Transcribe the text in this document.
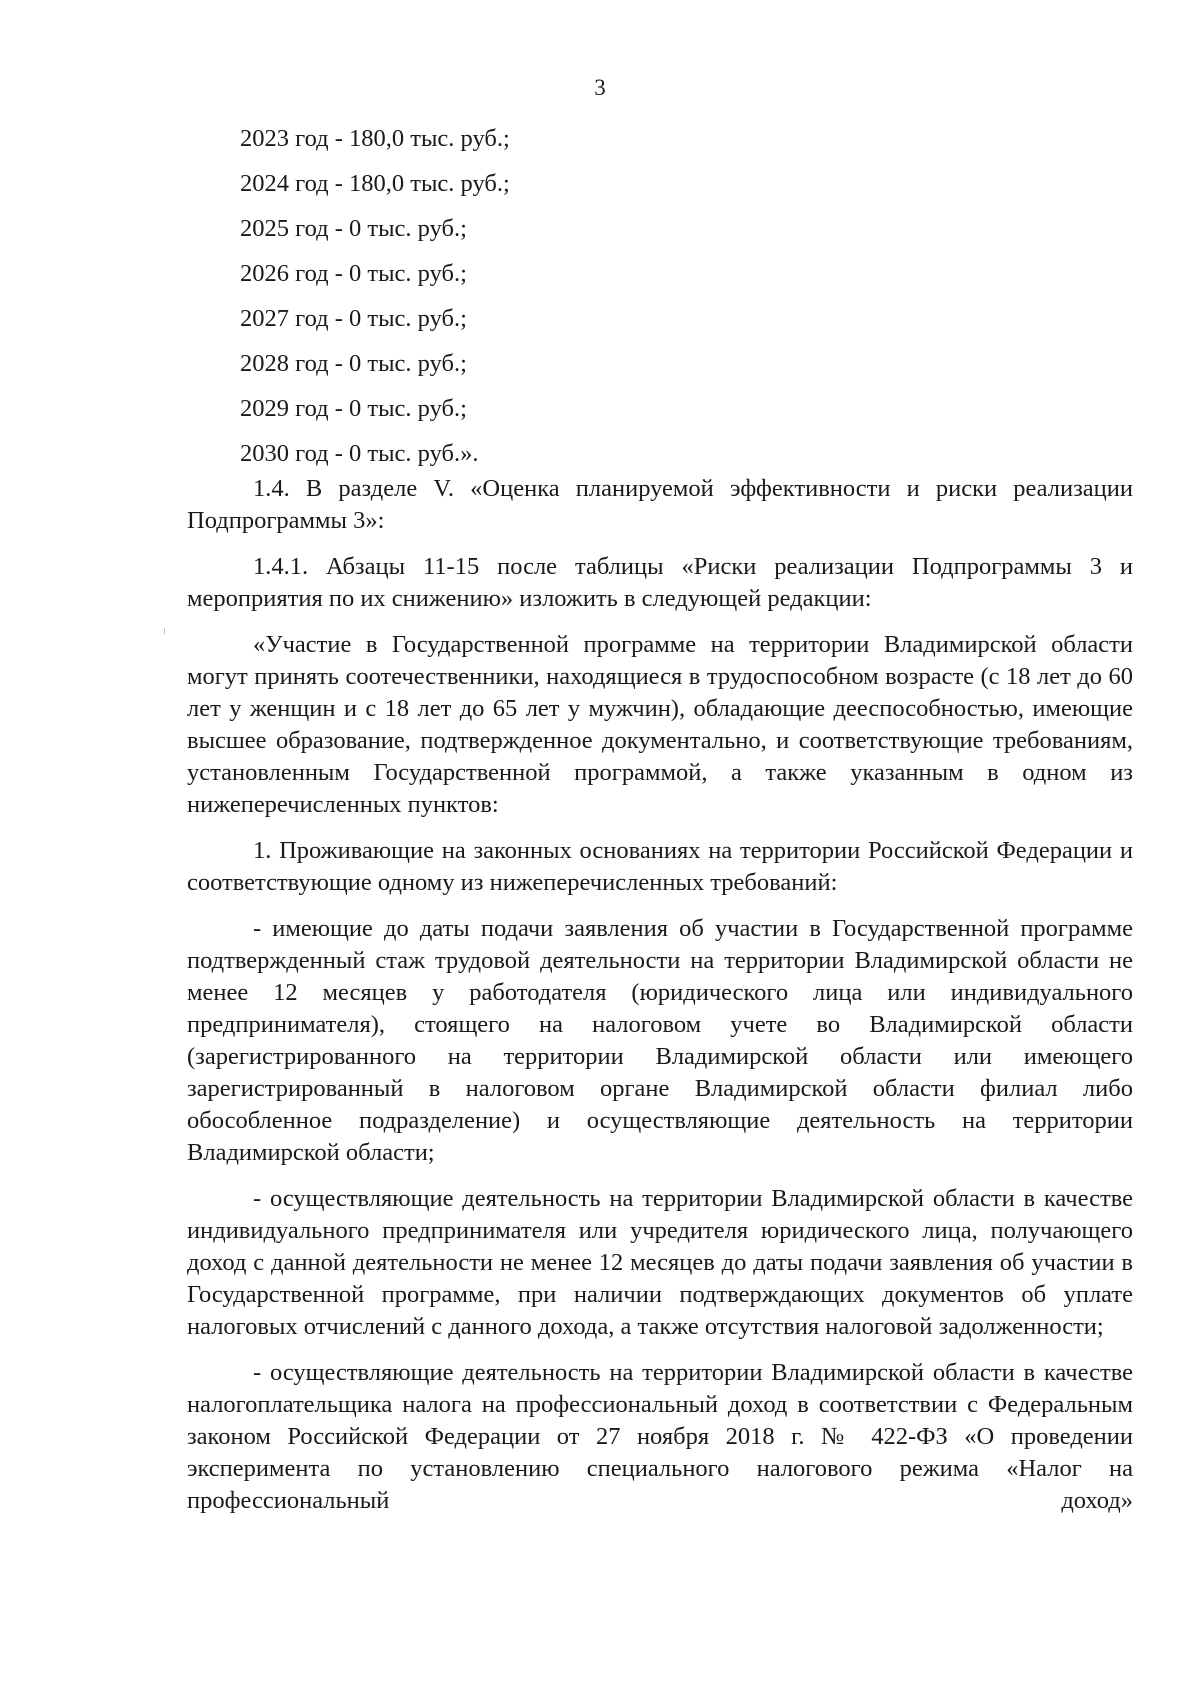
3
2023 год - 180,0 тыс. руб.;
2024 год - 180,0 тыс. руб.;
2025 год - 0 тыс. руб.;
2026 год - 0 тыс. руб.;
2027 год - 0 тыс. руб.;
2028 год - 0 тыс. руб.;
2029 год - 0 тыс. руб.;
2030 год - 0 тыс. руб.».

1.4. В разделе V. «Оценка планируемой эффективности и риски реализации Подпрограммы 3»:

1.4.1. Абзацы 11-15 после таблицы «Риски реализации Подпрограммы 3 и мероприятия по их снижению» изложить в следующей редакции:

«Участие в Государственной программе на территории Владимирской области могут принять соотечественники, находящиеся в трудоспособном возрасте (с 18 лет до 60 лет у женщин и с 18 лет до 65 лет у мужчин), обладающие дееспособностью, имеющие высшее образование, подтвержденное документально, и соответствующие требованиям, установленным Государственной программой, а также указанным в одном из нижеперечисленных пунктов:

1. Проживающие на законных основаниях на территории Российской Федерации и соответствующие одному из нижеперечисленных требований:

- имеющие до даты подачи заявления об участии в Государственной программе подтвержденный стаж трудовой деятельности на территории Владимирской области не менее 12 месяцев у работодателя (юридического лица или индивидуального предпринимателя), стоящего на налоговом учете во Владимирской области (зарегистрированного на территории Владимирской области или имеющего зарегистрированный в налоговом органе Владимирской области филиал либо обособленное подразделение) и осуществляющие деятельность на территории Владимирской области;

- осуществляющие деятельность на территории Владимирской области в качестве индивидуального предпринимателя или учредителя юридического лица, получающего доход с данной деятельности не менее 12 месяцев до даты подачи заявления об участии в Государственной программе, при наличии подтверждающих документов об уплате налоговых отчислений с данного дохода, а также отсутствия налоговой задолженности;

- осуществляющие деятельность на территории Владимирской области в качестве налогоплательщика налога на профессиональный доход в соответствии с Федеральным законом Российской Федерации от 27 ноября 2018 г. № 422-ФЗ «О проведении эксперимента по установлению специального налогового режима «Налог на профессиональный доход»
